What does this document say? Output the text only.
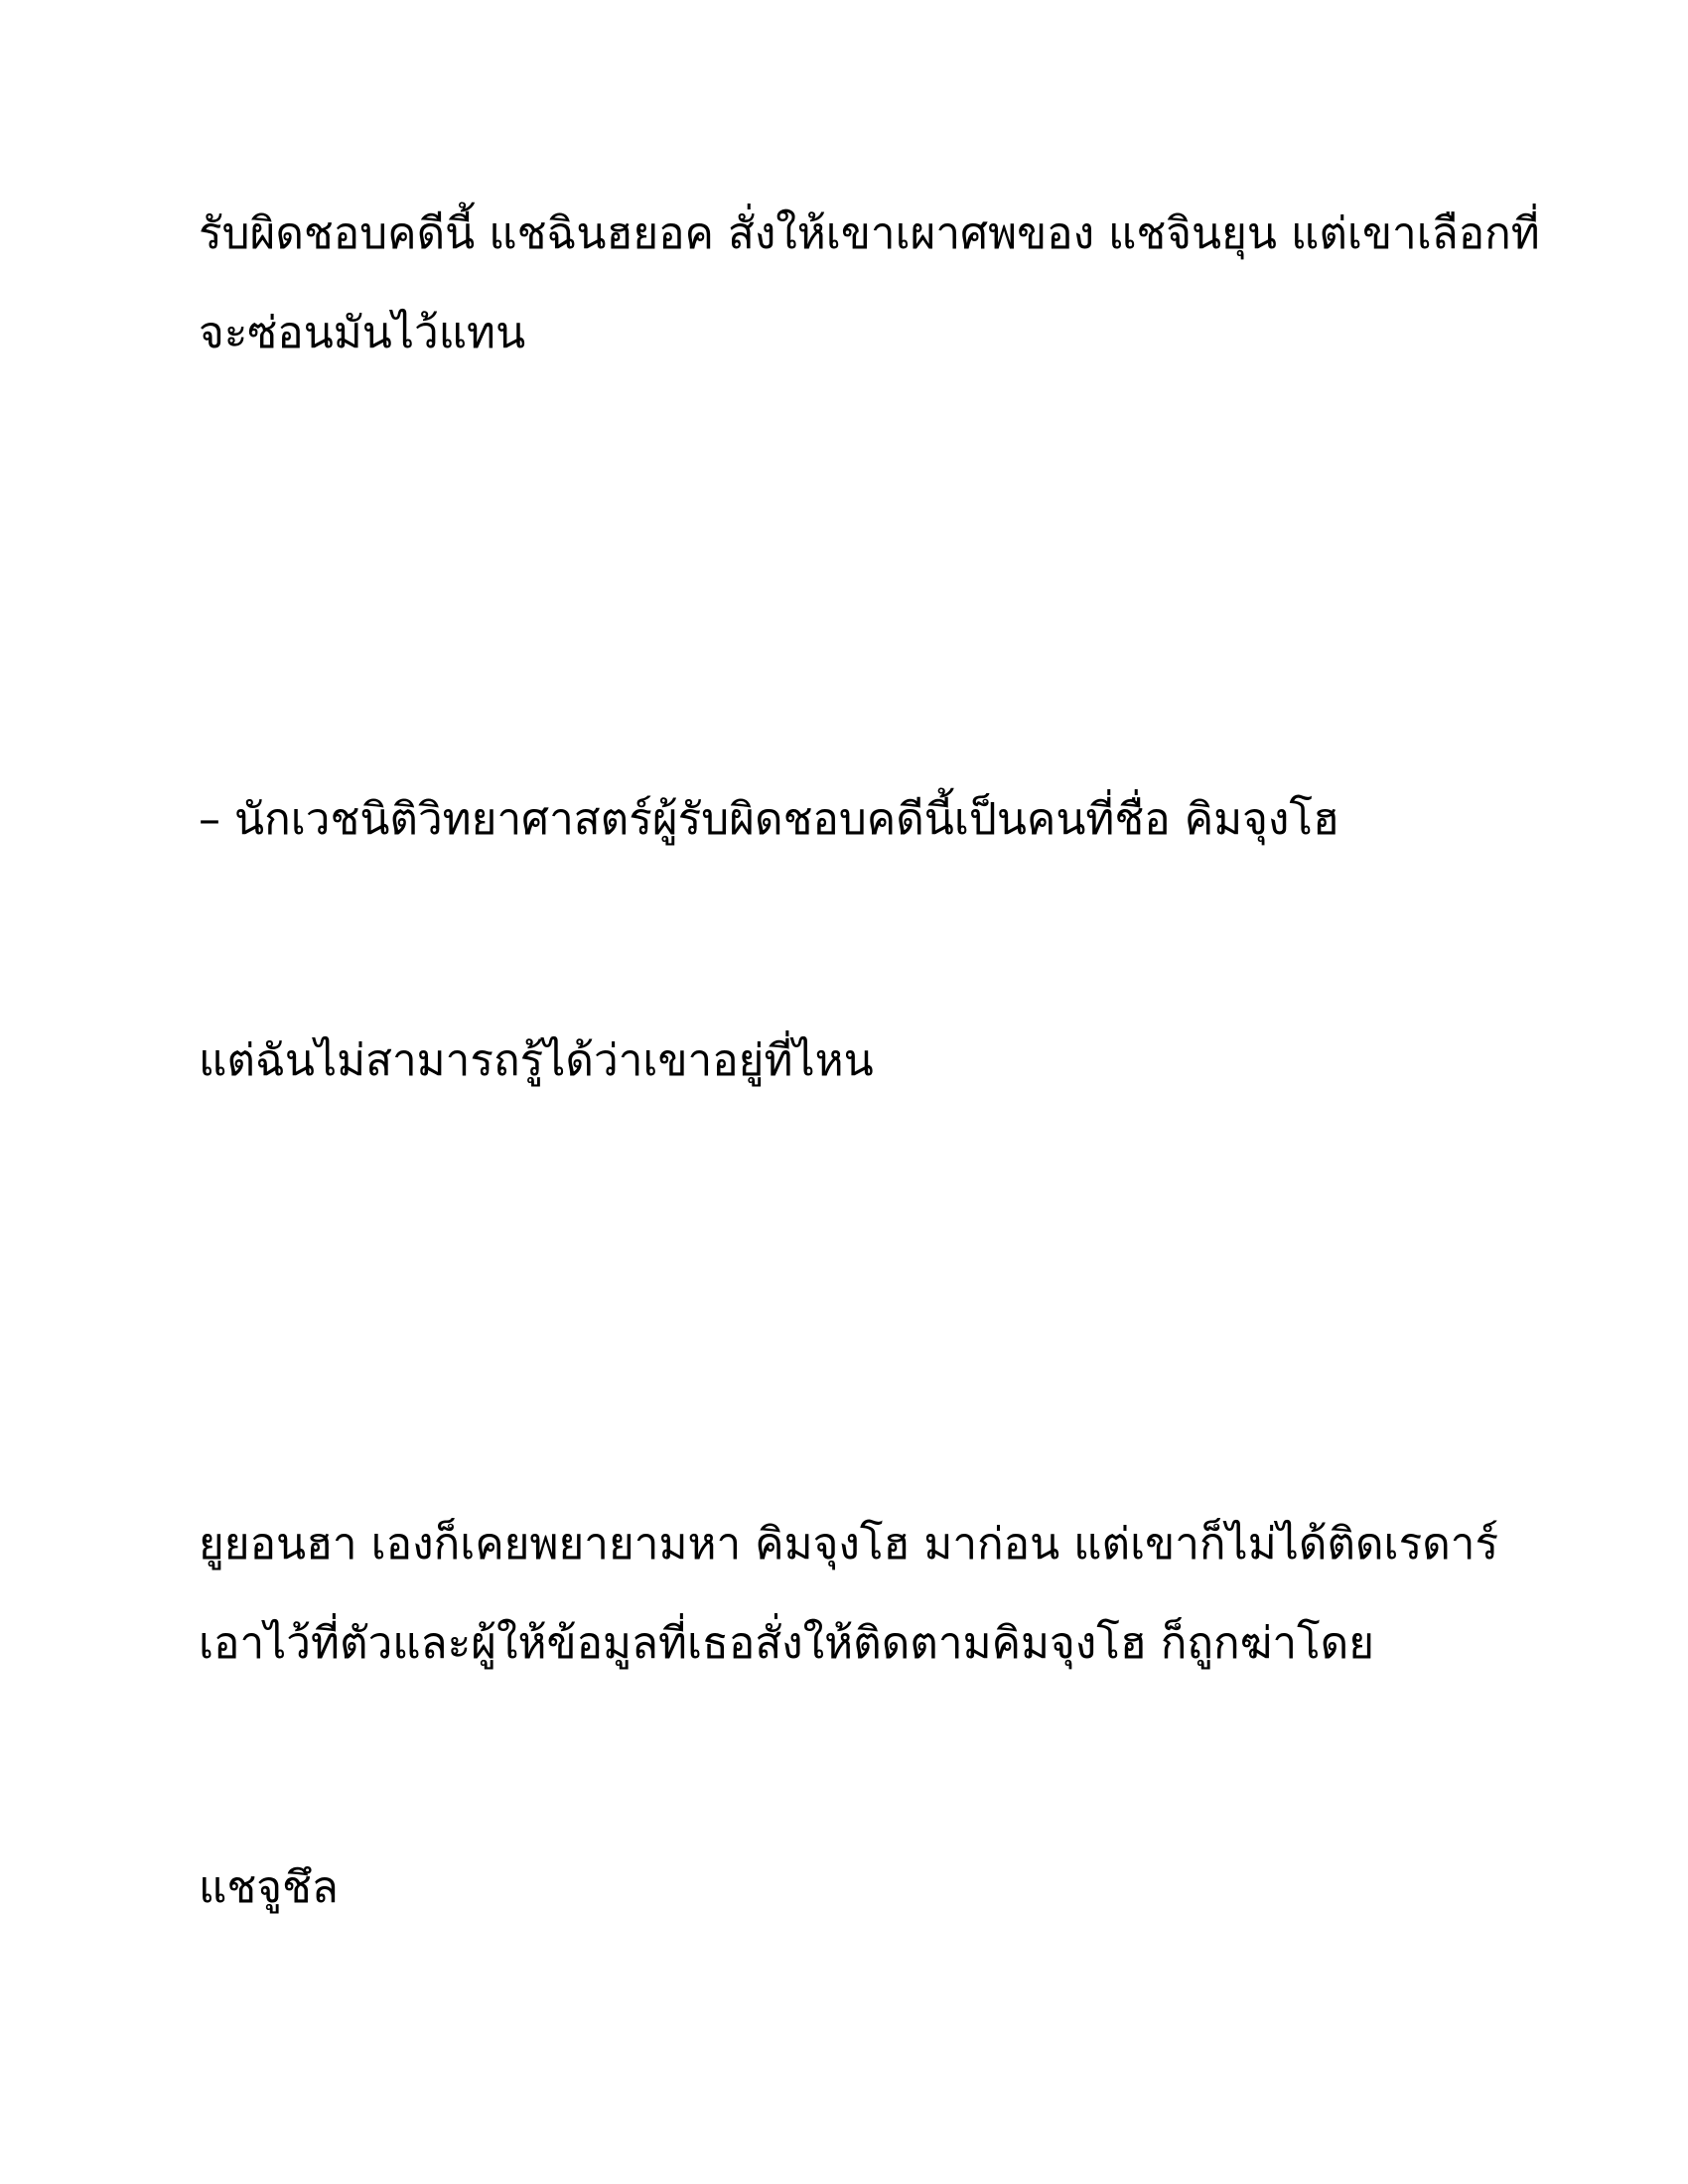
รับผิดชอบคดีนี้ แชฉินฮยอค สั่งให้เขาเผาศพของ แชจินยุน แต่เขาเลือกที่
จะซ่อนมันไว้แทน
– นักเวชนิติวิทยาศาสตร์ผู้รับผิดชอบคดีนี้เป็นคนที่ชื่อ คิมจุงโฮ
แต่ฉันไม่สามารถรู้ได้ว่าเขาอยู่ที่ไหน
ยูยอนฮา เองก็เคยพยายามหา คิมจุงโฮ มาก่อน แต่เขาก็ไม่ได้ติดเรดาร์
เอาไว้ที่ตัวและผู้ให้ข้อมูลที่เธอสั่งให้ติดตามคิมจุงโฮ ก็ถูกฆ่าโดย
แชจูชึล
